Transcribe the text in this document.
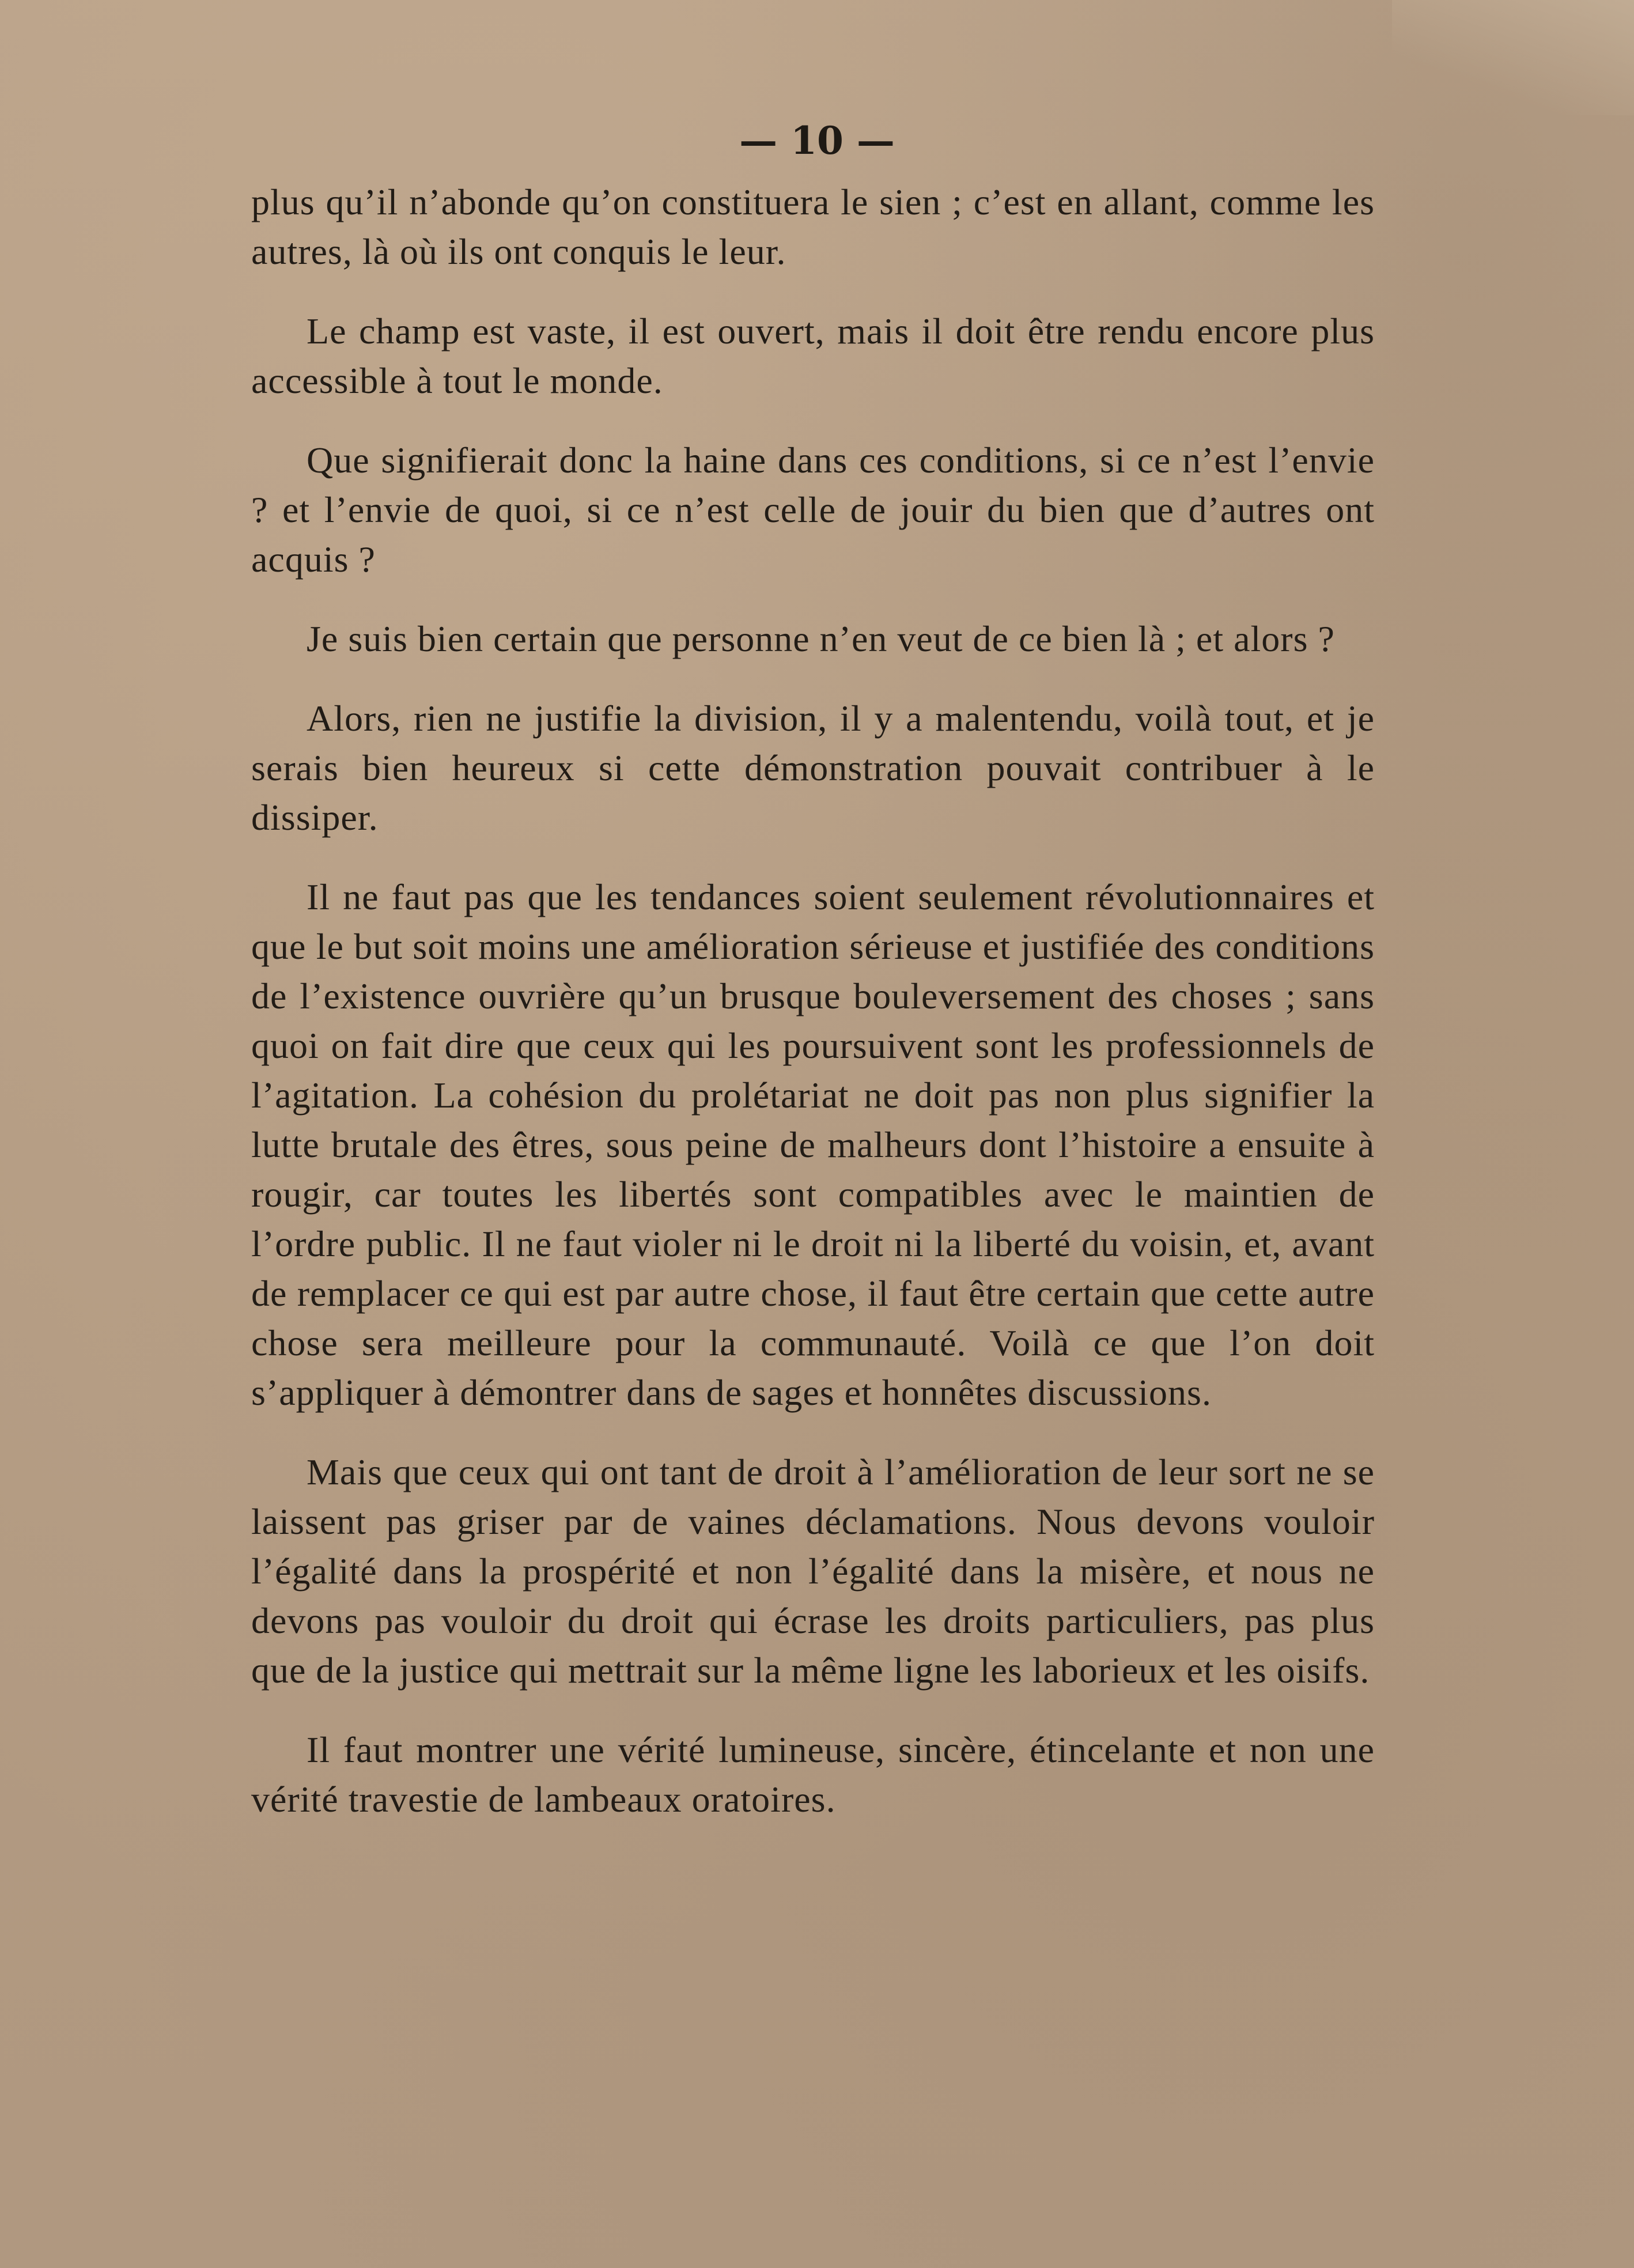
— 10 —

plus qu’il n’abonde qu’on constituera le sien ; c’est en allant, comme les autres, là où ils ont conquis le leur.

Le champ est vaste, il est ouvert, mais il doit être rendu encore plus accessible à tout le monde.

Que signifierait donc la haine dans ces conditions, si ce n’est l’envie ? et l’envie de quoi, si ce n’est celle de jouir du bien que d’autres ont acquis ?

Je suis bien certain que personne n’en veut de ce bien là ; et alors ?

Alors, rien ne justifie la division, il y a malentendu, voilà tout, et je serais bien heureux si cette démonstration pouvait contribuer à le dissiper.

Il ne faut pas que les tendances soient seulement révolutionnaires et que le but soit moins une amélioration sérieuse et justifiée des conditions de l’existence ouvrière qu’un brusque bouleversement des choses ; sans quoi on fait dire que ceux qui les poursuivent sont les professionnels de l’agitation. La cohésion du prolétariat ne doit pas non plus signifier la lutte brutale des êtres, sous peine de malheurs dont l’histoire a ensuite à rougir, car toutes les libertés sont compatibles avec le maintien de l’ordre public. Il ne faut violer ni le droit ni la liberté du voisin, et, avant de remplacer ce qui est par autre chose, il faut être certain que cette autre chose sera meilleure pour la communauté. Voilà ce que l’on doit s’appliquer à démontrer dans de sages et honnêtes discussions.

Mais que ceux qui ont tant de droit à l’amélioration de leur sort ne se laissent pas griser par de vaines déclamations. Nous devons vouloir l’égalité dans la prospérité et non l’égalité dans la misère, et nous ne devons pas vouloir du droit qui écrase les droits particuliers, pas plus que de la justice qui mettrait sur la même ligne les laborieux et les oisifs.

Il faut montrer une vérité lumineuse, sincère, étincelante et non une vérité travestie de lambeaux oratoires.
